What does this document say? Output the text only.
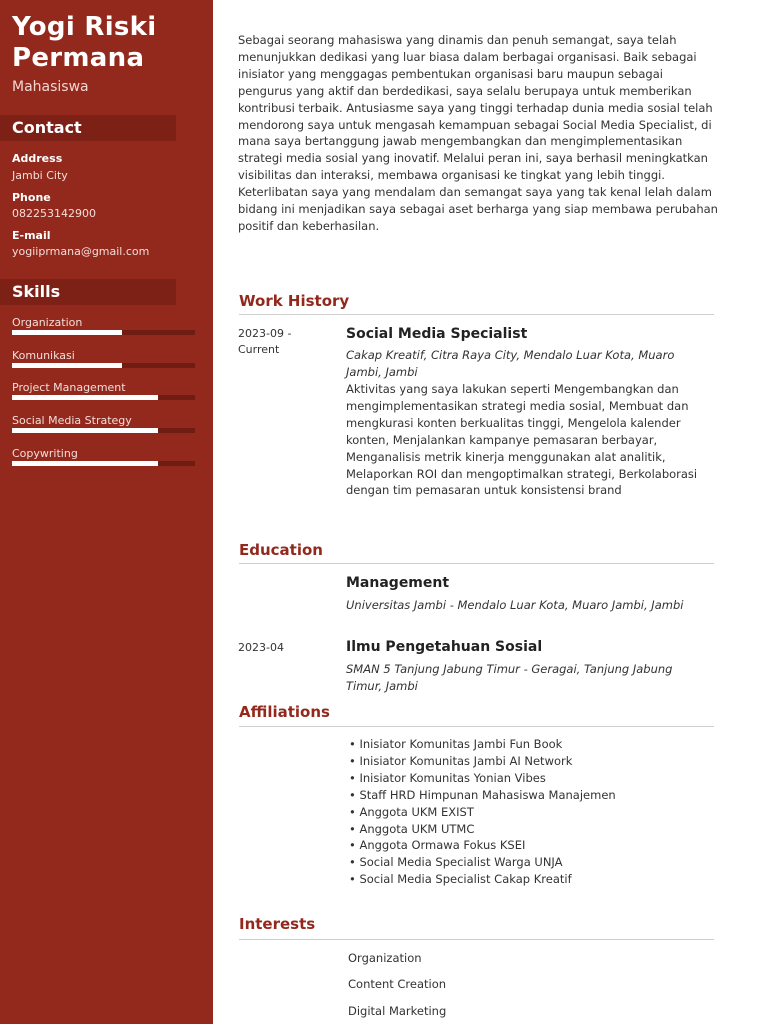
Yogi Riski
Permana
Mahasiswa
Contact
Address
Jambi City
Phone
082253142900
E-mail
yogiiprmana@gmail.com
Skills
Organization
Komunikasi
Project Management
Social Media Strategy
Copywriting
Sebagai seorang mahasiswa yang dinamis dan penuh semangat, saya telah menunjukkan dedikasi yang luar biasa dalam berbagai organisasi. Baik sebagai inisiator yang menggagas pembentukan organisasi baru maupun sebagai pengurus yang aktif dan berdedikasi, saya selalu berupaya untuk memberikan kontribusi terbaik. Antusiasme saya yang tinggi terhadap dunia media sosial telah mendorong saya untuk mengasah kemampuan sebagai Social Media Specialist, di mana saya bertanggung jawab mengembangkan dan mengimplementasikan strategi media sosial yang inovatif. Melalui peran ini, saya berhasil meningkatkan visibilitas dan interaksi, membawa organisasi ke tingkat yang lebih tinggi. Keterlibatan saya yang mendalam dan semangat saya yang tak kenal lelah dalam bidang ini menjadikan saya sebagai aset berharga yang siap membawa perubahan positif dan keberhasilan.
Work History
2023-09 -
Current
Social Media Specialist
Cakap Kreatif, Citra Raya City, Mendalo Luar Kota, Muaro Jambi, Jambi
Aktivitas yang saya lakukan seperti Mengembangkan dan mengimplementasikan strategi media sosial, Membuat dan mengkurasi konten berkualitas tinggi, Mengelola kalender konten, Menjalankan kampanye pemasaran berbayar, Menganalisis metrik kinerja menggunakan alat analitik, Melaporkan ROI dan mengoptimalkan strategi, Berkolaborasi dengan tim pemasaran untuk konsistensi brand
Education
Management
Universitas Jambi - Mendalo Luar Kota, Muaro Jambi, Jambi
2023-04	Ilmu Pengetahuan Sosial
SMAN 5 Tanjung Jabung Timur - Geragai, Tanjung Jabung Timur, Jambi
Affiliations
• Inisiator Komunitas Jambi Fun Book
• Inisiator Komunitas Jambi AI Network
• Inisiator Komunitas Yonian Vibes
• Staff HRD Himpunan Mahasiswa Manajemen
• Anggota UKM EXIST
• Anggota UKM UTMC
• Anggota Ormawa Fokus KSEI
• Social Media Specialist Warga UNJA
• Social Media Specialist Cakap Kreatif
Interests
Organization
Content Creation
Digital Marketing
